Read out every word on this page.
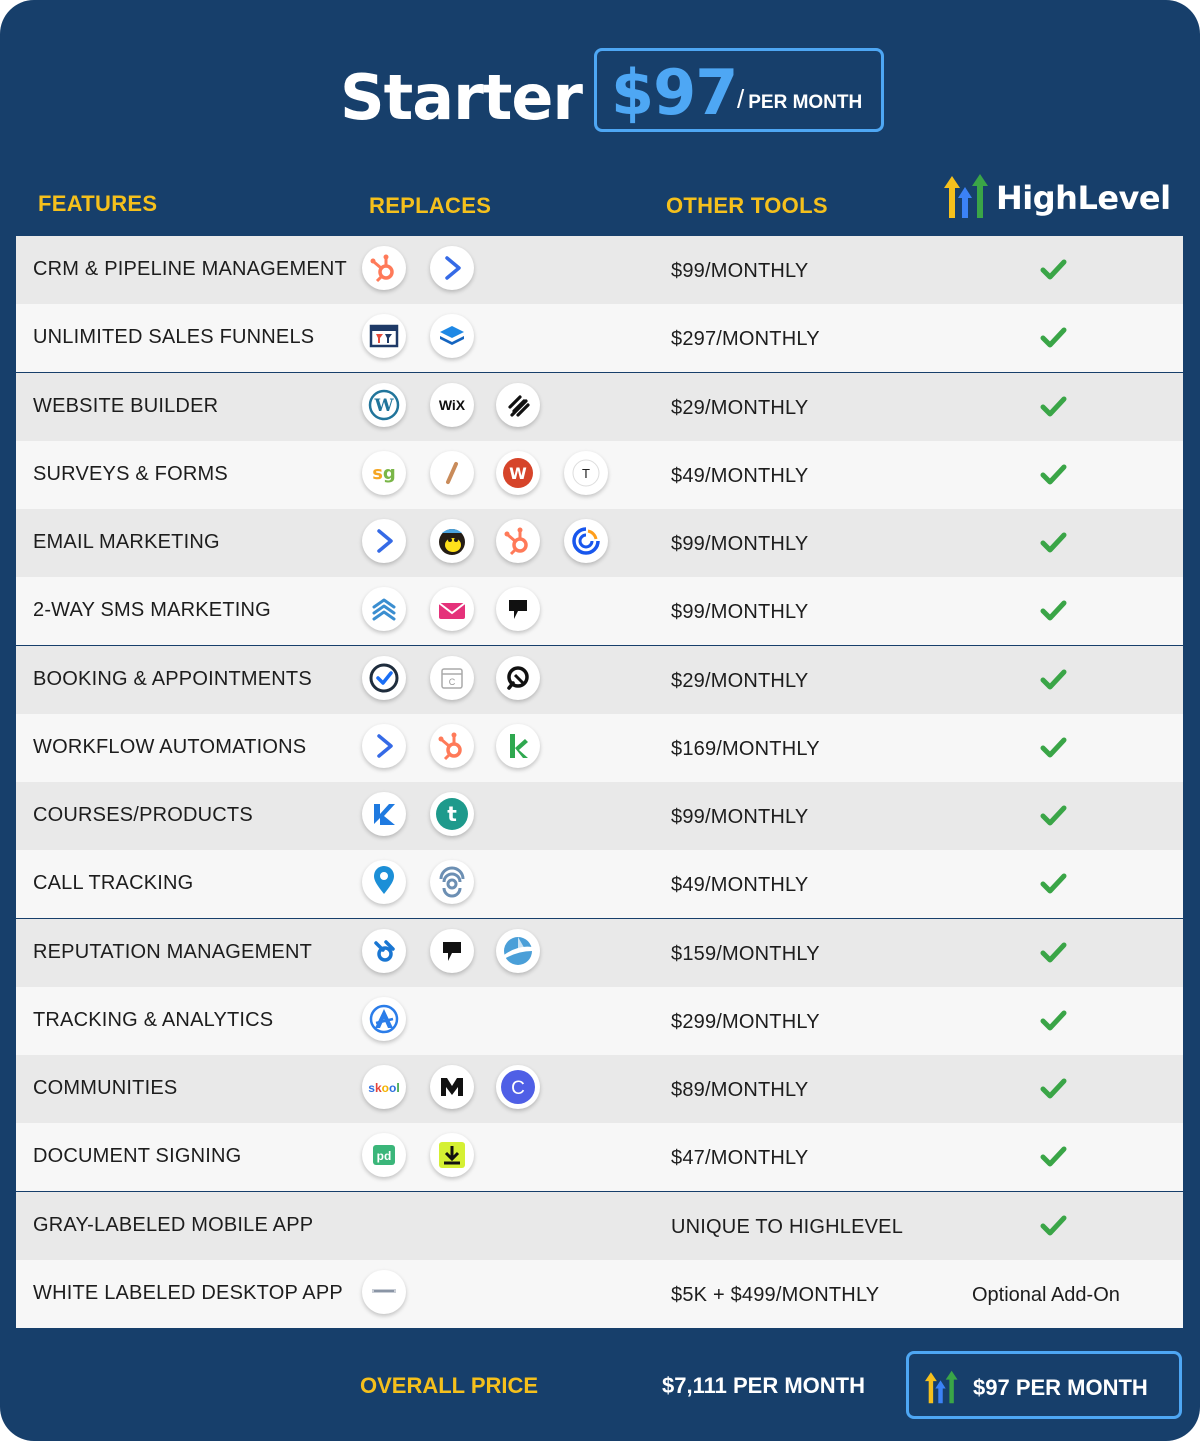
Starter $97 / PER MONTH
FEATURES	REPLACES	OTHER TOOLS	HighLevel
CRM & PIPELINE MANAGEMENT	$99/MONTHLY
UNLIMITED SALES FUNNELS	$297/MONTHLY
WEBSITE BUILDER	W	WiX	$29/MONTHLY
SURVEYS & FORMS	sg	W	T	$49/MONTHLY
EMAIL MARKETING	$99/MONTHLY
2-WAY SMS MARKETING	$99/MONTHLY
BOOKING & APPOINTMENTS	C	$29/MONTHLY
WORKFLOW AUTOMATIONS	$169/MONTHLY
COURSES/PRODUCTS	t	$99/MONTHLY
CALL TRACKING	$49/MONTHLY
REPUTATION MANAGEMENT	$159/MONTHLY
TRACKING & ANALYTICS	$299/MONTHLY
COMMUNITIES	skool	C	$89/MONTHLY
DOCUMENT SIGNING	pd	$47/MONTHLY
GRAY-LABELED MOBILE APP	UNIQUE TO HIGHLEVEL
WHITE LABELED DESKTOP APP	$5K + $499/MONTHLY	Optional Add-On
OVERALL PRICE	$7,111 PER MONTH	$97 PER MONTH
